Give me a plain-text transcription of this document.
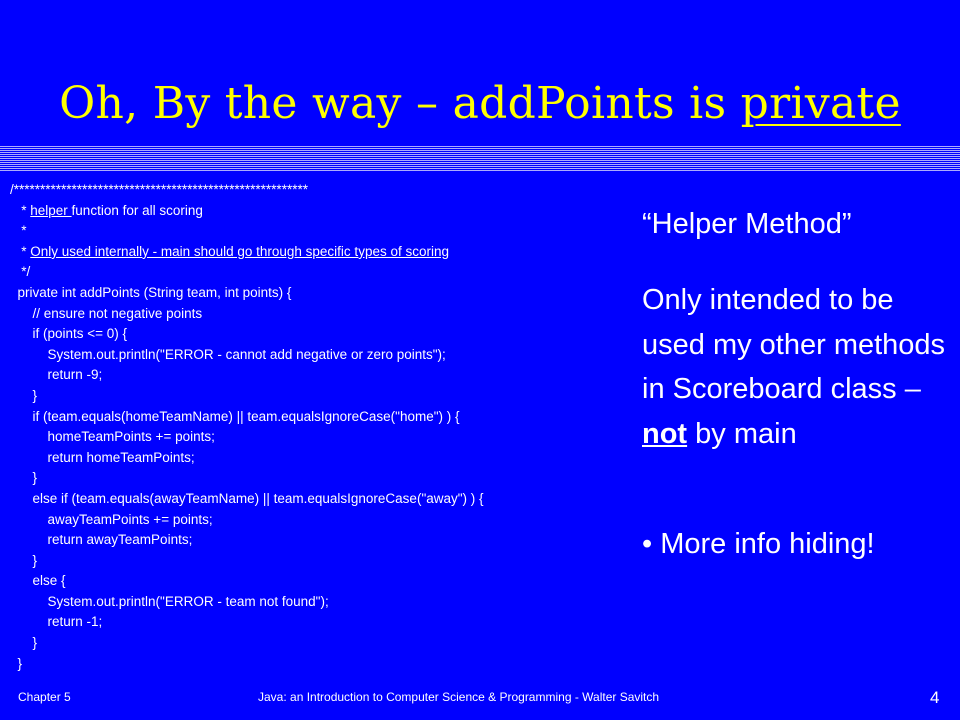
Oh, By the way – addPoints is private
/********************************************************
* helper function for all scoring
*
* Only used internally - main should go through specific types of scoring
*/
private int addPoints (String team, int points) {
// ensure not negative points
if (points <= 0) {
System.out.println("ERROR - cannot add negative or zero points");
return -9;
}
if (team.equals(homeTeamName) || team.equalsIgnoreCase("home") ) {
homeTeamPoints += points;
return homeTeamPoints;
}
else if (team.equals(awayTeamName) || team.equalsIgnoreCase("away") ) {
awayTeamPoints += points;
return awayTeamPoints;
}
else {
System.out.println("ERROR - team not found");
return -1;
}
}
“Helper Method”
Only intended to be used my other methods in Scoreboard class – not by main
• More info hiding!
Chapter 5	Java: an Introduction to Computer Science & Programming - Walter Savitch	4
